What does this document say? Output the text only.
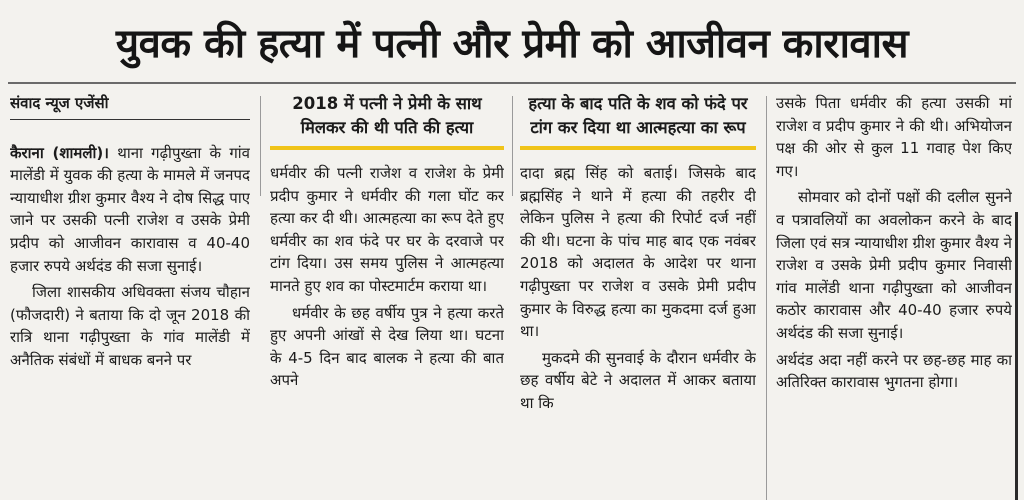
युवक की हत्या में पत्नी और प्रेमी को आजीवन कारावास

संवाद न्यूज एजेंसी

कैराना (शामली)। थाना गढ़ीपुख्ता के गांव मालेंडी में युवक की हत्या के मामले में जनपद न्यायाधीश ग्रीश कुमार वैश्य ने दोष सिद्ध पाए जाने पर उसकी पत्नी राजेश व उसके प्रेमी प्रदीप को आजीवन कारावास व 40-40 हजार रुपये अर्थदंड की सजा सुनाई।

जिला शासकीय अधिवक्ता संजय चौहान (फौजदारी) ने बताया कि दो जून 2018 की रात्रि थाना गढ़ीपुख्ता के गांव मालेंडी में अनैतिक संबंधों में बाधक बनने पर

2018 में पत्नी ने प्रेमी के साथ मिलकर की थी पति की हत्या

धर्मवीर की पत्नी राजेश व राजेश के प्रेमी प्रदीप कुमार ने धर्मवीर की गला घोंट कर हत्या कर दी थी। आत्महत्या का रूप देते हुए धर्मवीर का शव फंदे पर घर के दरवाजे पर टांग दिया। उस समय पुलिस ने आत्महत्या मानते हुए शव का पोस्टमार्टम कराया था।

धर्मवीर के छह वर्षीय पुत्र ने हत्या करते हुए अपनी आंखों से देख लिया था। घटना के 4-5 दिन बाद बालक ने हत्या की बात अपने

हत्या के बाद पति के शव को फंदे पर टांग कर दिया था आत्महत्या का रूप

दादा ब्रह्म सिंह को बताई। जिसके बाद ब्रह्मसिंह ने थाने में हत्या की तहरीर दी लेकिन पुलिस ने हत्या की रिपोर्ट दर्ज नहीं की थी। घटना के पांच माह बाद एक नवंबर 2018 को अदालत के आदेश पर थाना गढ़ीपुख्ता पर राजेश व उसके प्रेमी प्रदीप कुमार के विरुद्ध हत्या का मुकदमा दर्ज हुआ था।

मुकदमे की सुनवाई के दौरान धर्मवीर के छह वर्षीय बेटे ने अदालत में आकर बताया था कि

उसके पिता धर्मवीर की हत्या उसकी मां राजेश व प्रदीप कुमार ने की थी। अभियोजन पक्ष की ओर से कुल 11 गवाह पेश किए गए।

सोमवार को दोनों पक्षों की दलील सुनने व पत्रावलियों का अवलोकन करने के बाद जिला एवं सत्र न्यायाधीश ग्रीश कुमार वैश्य ने राजेश व उसके प्रेमी प्रदीप कुमार निवासी गांव मालेंडी थाना गढ़ीपुख्ता को आजीवन कठोर कारावास और 40-40 हजार रुपये अर्थदंड की सजा सुनाई।

अर्थदंड अदा नहीं करने पर छह-छह माह का अतिरिक्त कारावास भुगतना होगा।
